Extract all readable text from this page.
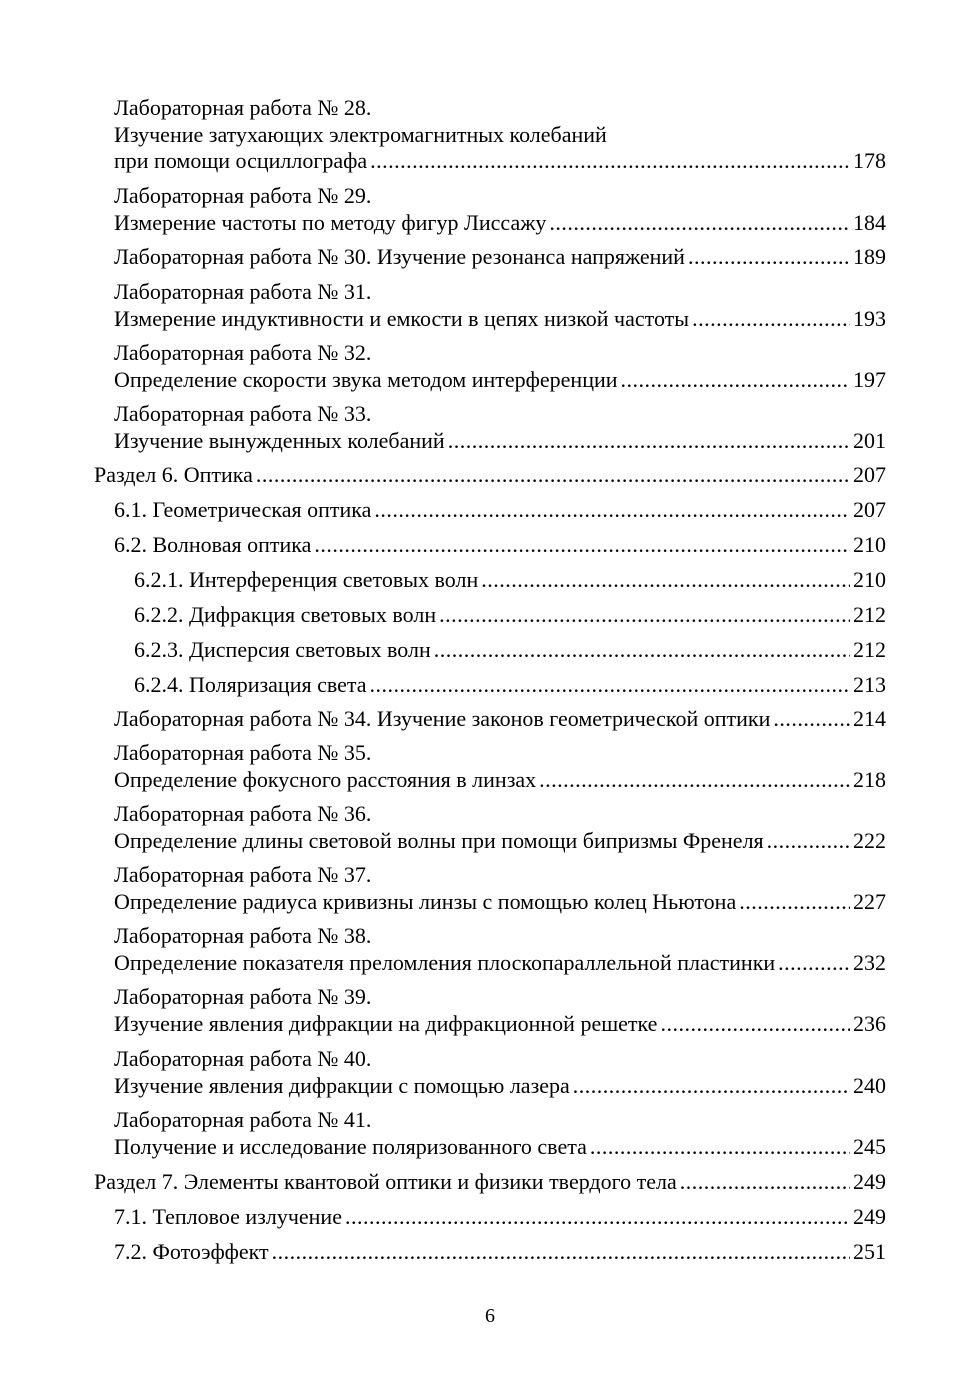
Лабораторная работа № 28.
Изучение затухающих электромагнитных колебаний
при помощи осциллографа .....	178
Лабораторная работа № 29.
Измерение частоты по методу фигур Лиссажу .....	184
Лабораторная работа № 30. Изучение резонанса напряжений .....	189
Лабораторная работа № 31.
Измерение индуктивности и емкости в цепях низкой частоты .....	193
Лабораторная работа № 32.
Определение скорости звука методом интерференции .....	197
Лабораторная работа № 33.
Изучение вынужденных колебаний .....	201
Раздел 6. Оптика .....	207
6.1. Геометрическая оптика .....	207
6.2. Волновая оптика .....	210
6.2.1. Интерференция световых волн .....	210
6.2.2. Дифракция световых волн .....	212
6.2.3. Дисперсия световых волн .....	212
6.2.4. Поляризация света .....	213
Лабораторная работа № 34. Изучение законов геометрической оптики .....	214
Лабораторная работа № 35.
Определение фокусного расстояния в линзах .....	218
Лабораторная работа № 36.
Определение длины световой волны при помощи бипризмы Френеля .....	222
Лабораторная работа № 37.
Определение радиуса кривизны линзы с помощью колец Ньютона .....	227
Лабораторная работа № 38.
Определение показателя преломления плоскопараллельной пластинки .....	232
Лабораторная работа № 39.
Изучение явления дифракции на дифракционной решетке .....	236
Лабораторная работа № 40.
Изучение явления дифракции с помощью лазера .....	240
Лабораторная работа № 41.
Получение и исследование поляризованного света .....	245
Раздел 7. Элементы квантовой оптики и физики твердого тела .....	249
7.1. Тепловое излучение .....	249
7.2. Фотоэффект .....	251
6
